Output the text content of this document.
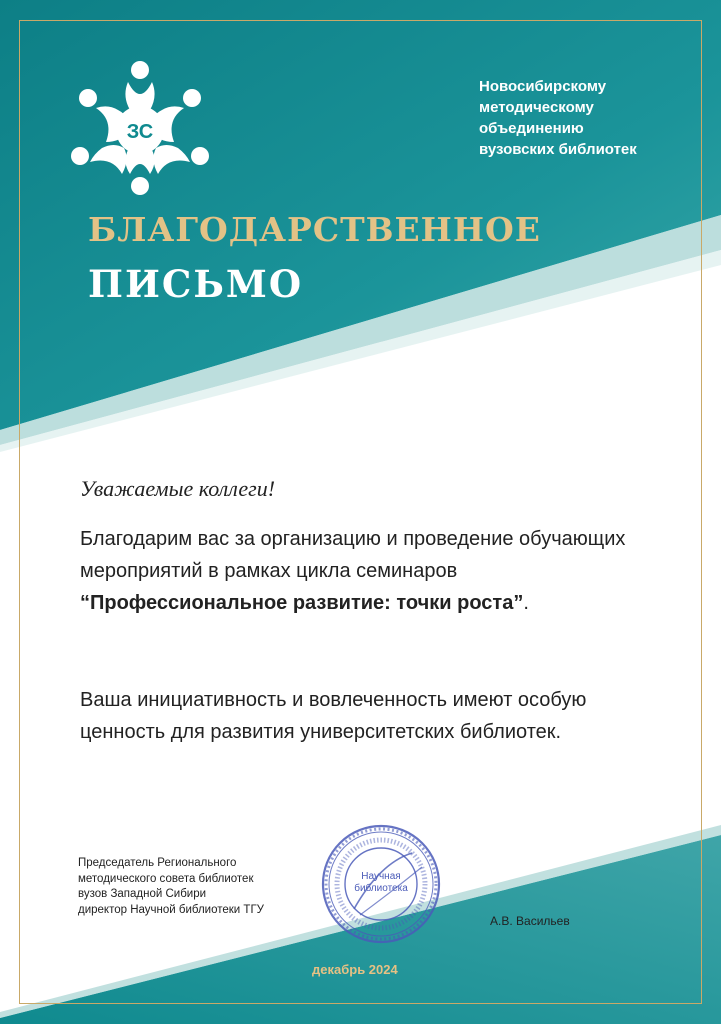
ЗС
Новосибирскому
методическому
объединению
вузовских библиотек
БЛАГОДАРСТВЕННОЕ
ПИСЬМО
Уважаемые коллеги!
Благодарим вас за организацию и проведение обучающих мероприятий в рамках цикла семинаров “Профессиональное развитие: точки роста”.
Ваша инициативность и вовлеченность имеют особую ценность для развития университетских библиотек.
Председатель Регионального
методического совета библиотек
вузов Западной Сибири
директор Научной библиотеки ТГУ
Научная
библиотека
А.В. Васильев
декабрь 2024
